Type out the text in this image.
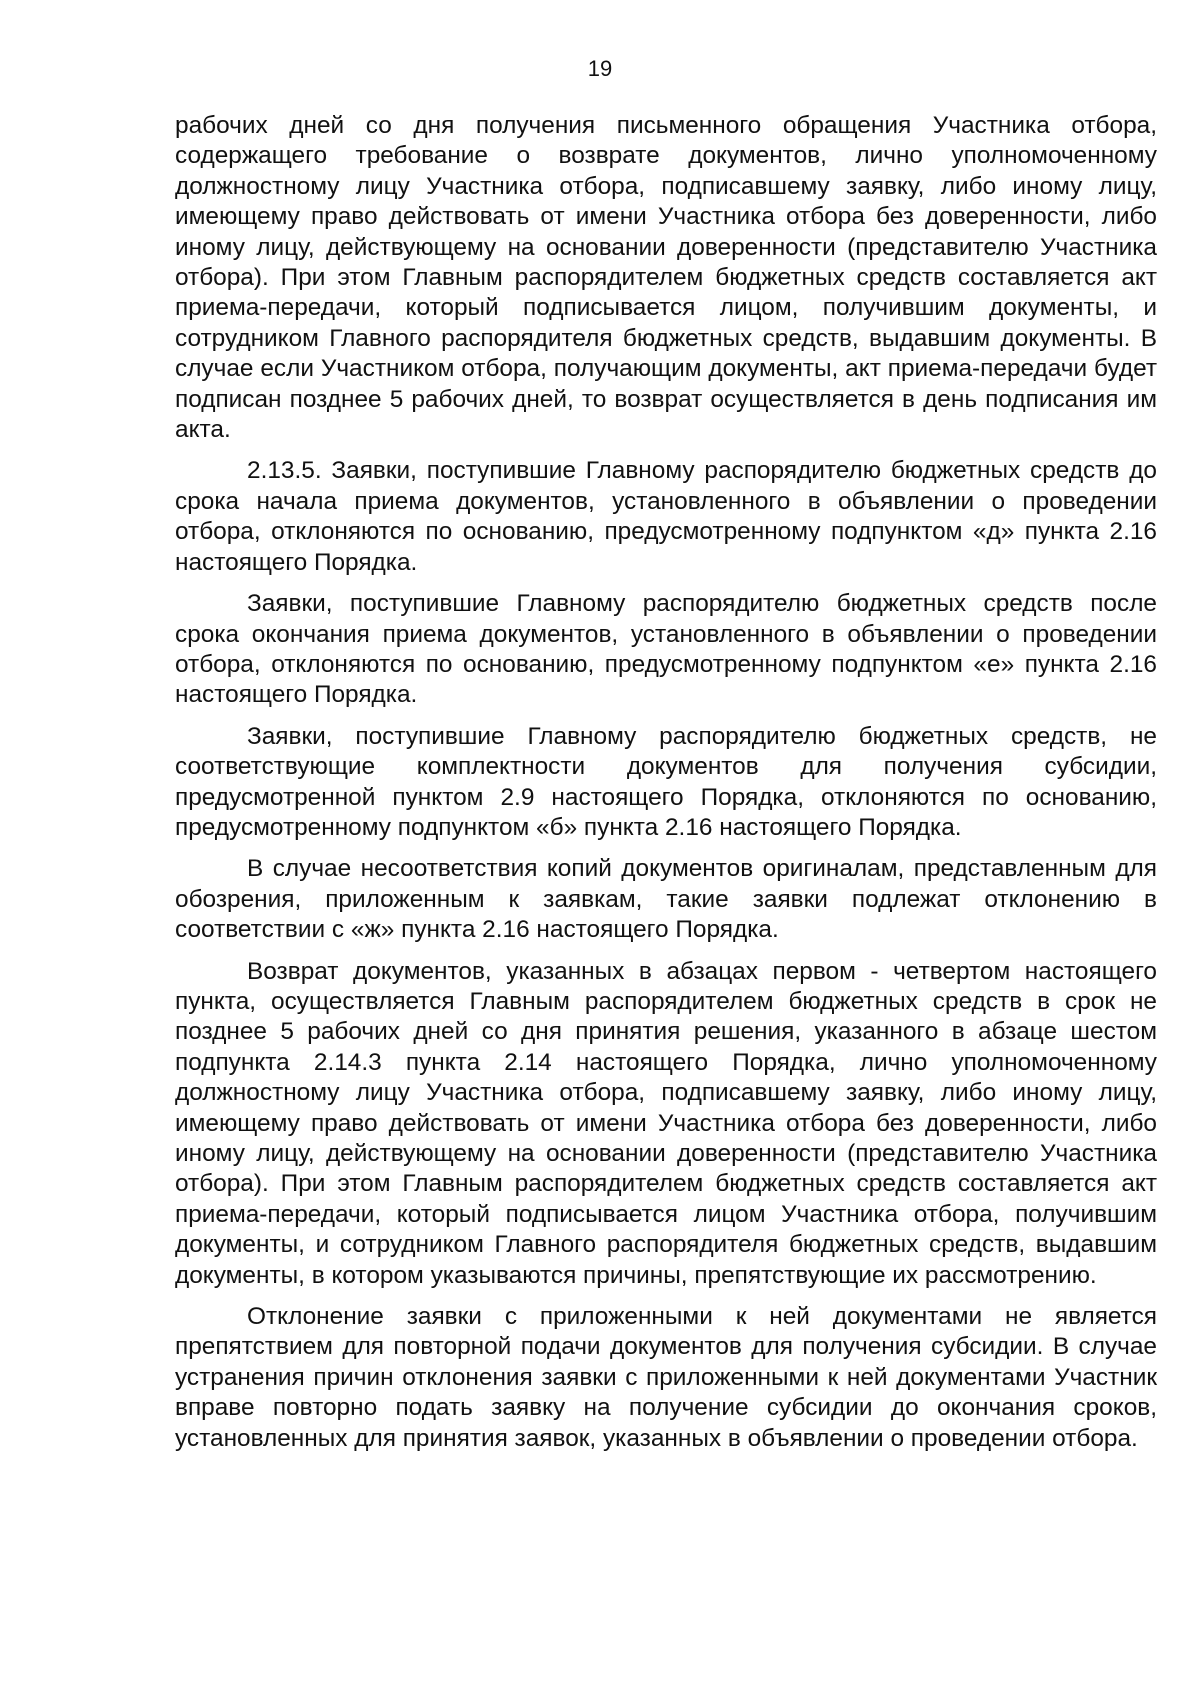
19

рабочих дней со дня получения письменного обращения Участника отбора, содержащего требование о возврате документов, лично уполномоченному должностному лицу Участника отбора, подписавшему заявку, либо иному лицу, имеющему право действовать от имени Участника отбора без доверенности, либо иному лицу, действующему на основании доверенности (представителю Участника отбора). При этом Главным распорядителем бюджетных средств составляется акт приема-передачи, который подписывается лицом, получившим документы, и сотрудником Главного распорядителя бюджетных средств, выдавшим документы. В случае если Участником отбора, получающим документы, акт приема-передачи будет подписан позднее 5 рабочих дней, то возврат осуществляется в день подписания им акта.

2.13.5. Заявки, поступившие Главному распорядителю бюджетных средств до срока начала приема документов, установленного в объявлении о проведении отбора, отклоняются по основанию, предусмотренному подпунктом «д» пункта 2.16 настоящего Порядка.

Заявки, поступившие Главному распорядителю бюджетных средств после срока окончания приема документов, установленного в объявлении о проведении отбора, отклоняются по основанию, предусмотренному подпунктом «е» пункта 2.16 настоящего Порядка.

Заявки, поступившие Главному распорядителю бюджетных средств, не соответствующие комплектности документов для получения субсидии, предусмотренной пунктом 2.9 настоящего Порядка, отклоняются по основанию, предусмотренному подпунктом «б» пункта 2.16 настоящего Порядка.

В случае несоответствия копий документов оригиналам, представленным для обозрения, приложенным к заявкам, такие заявки подлежат отклонению в соответствии с «ж» пункта 2.16 настоящего Порядка.

Возврат документов, указанных в абзацах первом - четвертом настоящего пункта, осуществляется Главным распорядителем бюджетных средств в срок не позднее 5 рабочих дней со дня принятия решения, указанного в абзаце шестом подпункта 2.14.3 пункта 2.14 настоящего Порядка, лично уполномоченному должностному лицу Участника отбора, подписавшему заявку, либо иному лицу, имеющему право действовать от имени Участника отбора без доверенности, либо иному лицу, действующему на основании доверенности (представителю Участника отбора). При этом Главным распорядителем бюджетных средств составляется акт приема-передачи, который подписывается лицом Участника отбора, получившим документы, и сотрудником Главного распорядителя бюджетных средств, выдавшим документы, в котором указываются причины, препятствующие их рассмотрению.

Отклонение заявки с приложенными к ней документами не является препятствием для повторной подачи документов для получения субсидии. В случае устранения причин отклонения заявки с приложенными к ней документами Участник вправе повторно подать заявку на получение субсидии до окончания сроков, установленных для принятия заявок, указанных в объявлении о проведении отбора.
